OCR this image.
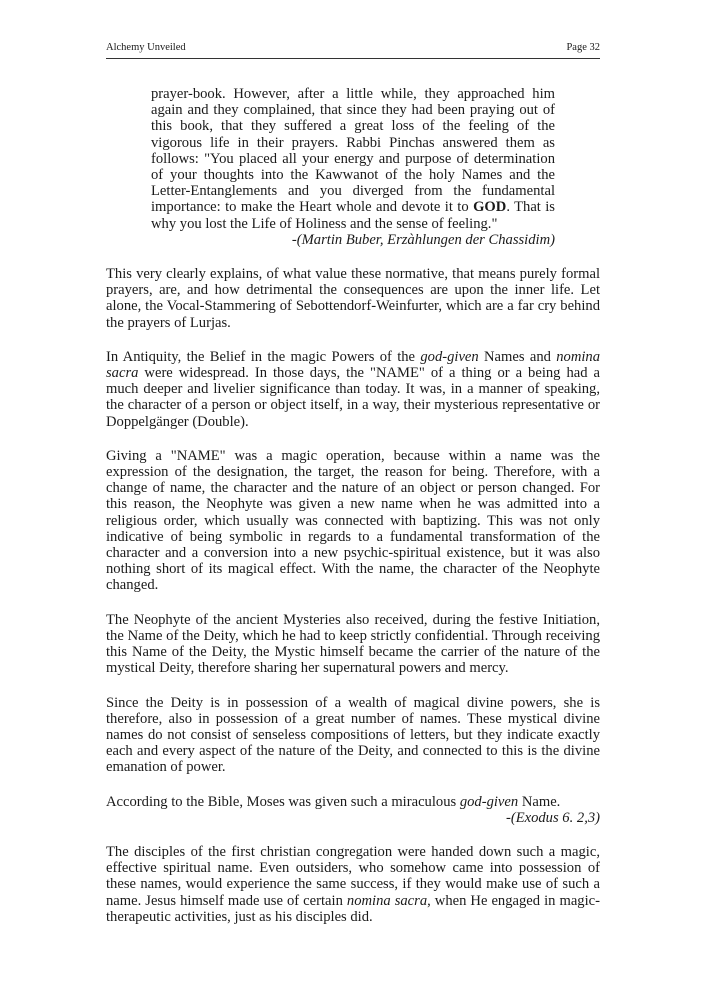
Alchemy Unveiled	Page 32
prayer-book. However, after a little while, they approached him again and they complained, that since they had been praying out of this book, that they suffered a great loss of the feeling of the vigorous life in their prayers. Rabbi Pinchas answered them as follows: "You placed all your energy and purpose of determination of your thoughts into the Kawwanot of the holy Names and the Letter-Entanglements and you diverged from the fundamental importance: to make the Heart whole and devote it to GOD. That is why you lost the Life of Holiness and the sense of feeling."
-(Martin Buber, Erzàhlungen der Chassidim)

This very clearly explains, of what value these normative, that means purely formal prayers, are, and how detrimental the consequences are upon the inner life. Let alone, the Vocal-Stammering of Sebottendorf-Weinfurter, which are a far cry behind the prayers of Lurjas.

In Antiquity, the Belief in the magic Powers of the god-given Names and nomina sacra were widespread. In those days, the "NAME" of a thing or a being had a much deeper and livelier significance than today. It was, in a manner of speaking, the character of a person or object itself, in a way, their mysterious representative or Doppelgänger (Double).

Giving a "NAME" was a magic operation, because within a name was the expression of the designation, the target, the reason for being. Therefore, with a change of name, the character and the nature of an object or person changed. For this reason, the Neophyte was given a new name when he was admitted into a religious order, which usually was connected with baptizing. This was not only indicative of being symbolic in regards to a fundamental transformation of the character and a conversion into a new psychic-spiritual existence, but it was also nothing short of its magical effect. With the name, the character of the Neophyte changed.

The Neophyte of the ancient Mysteries also received, during the festive Initiation, the Name of the Deity, which he had to keep strictly confidential. Through receiving this Name of the Deity, the Mystic himself became the carrier of the nature of the mystical Deity, therefore sharing her supernatural powers and mercy.

Since the Deity is in possession of a wealth of magical divine powers, she is therefore, also in possession of a great number of names. These mystical divine names do not consist of senseless compositions of letters, but they indicate exactly each and every aspect of the nature of the Deity, and connected to this is the divine emanation of power.

According to the Bible, Moses was given such a miraculous god-given Name.

-(Exodus 6. 2,3)

The disciples of the first christian congregation were handed down such a magic, effective spiritual name. Even outsiders, who somehow came into possession of these names, would experience the same success, if they would make use of such a name. Jesus himself made use of certain nomina sacra, when He engaged in magic-therapeutic activities, just as his disciples did.
